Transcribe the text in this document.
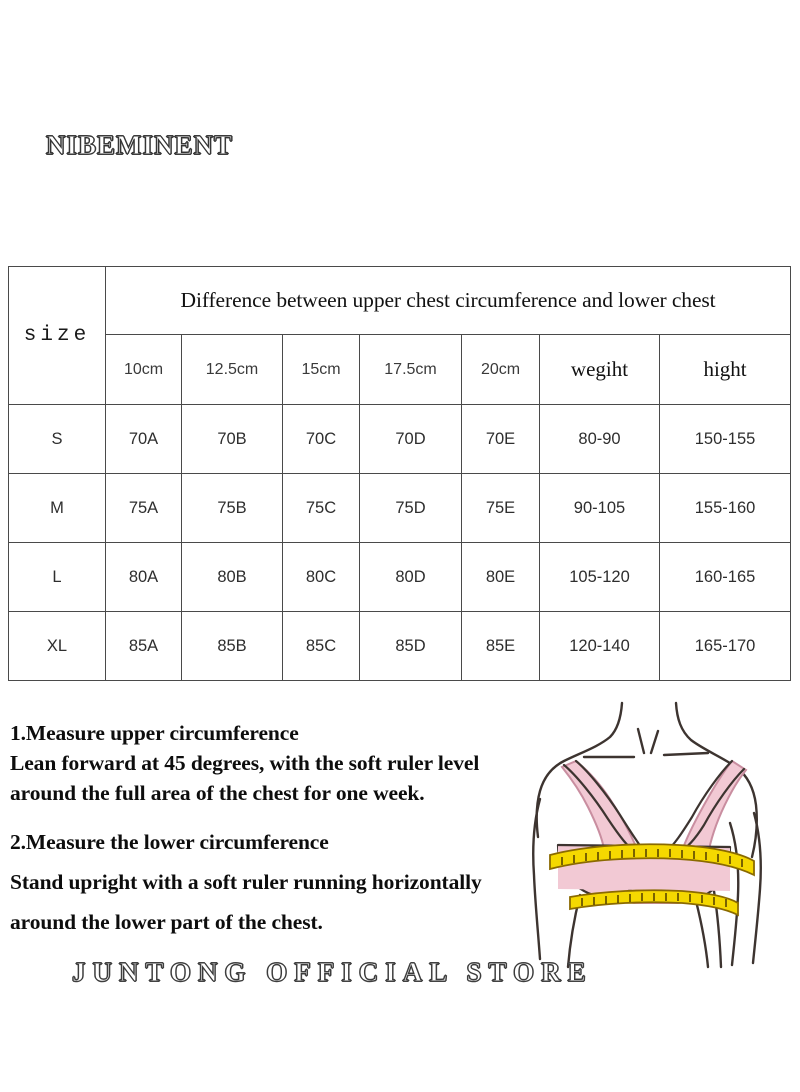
NIBEMINENT
size	Difference between upper chest circumference and lower chest						
	10cm	12.5cm	15cm	17.5cm	20cm	wegiht	hight
S	70A	70B	70C	70D	70E	80-90	150-155
M	75A	75B	75C	75D	75E	90-105	155-160
L	80A	80B	80C	80D	80E	105-120	160-165
XL	85A	85B	85C	85D	85E	120-140	165-170
1.Measure upper circumference
Lean forward at 45 degrees, with the soft ruler level
around the full area of the chest for one week.
2.Measure the lower circumference
Stand upright with a soft ruler running horizontally
around the lower part of the chest.
JUNTONG OFFICIAL STORE
